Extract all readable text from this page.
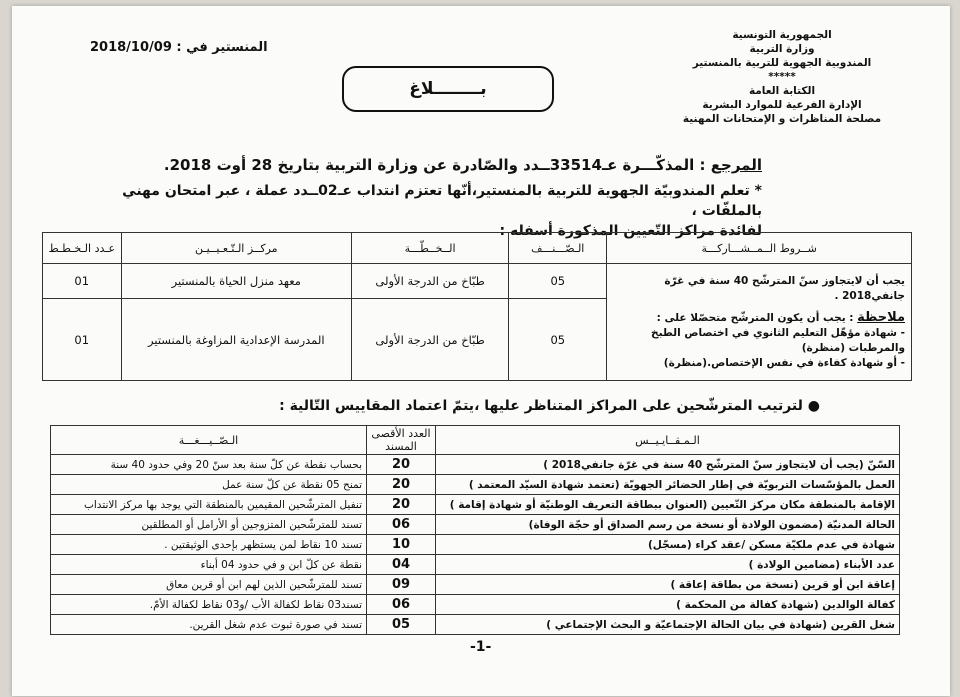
الجمهورية التونسية
وزارة التربية
المندوبية الجهوية للتربية بالمنستير
*****
الكتابة العامة
الإدارة الفرعية للموارد البشرية
مصلحة المناظرات و الإمتحانات المهنية
المنستير في : 2018/10/09
بــــــــلاغ
المرجع : المذكّـــرة عـ33514ــدد والصّادرة عن وزارة التربية بتاريخ 28 أوت 2018.
* تعلم المندوبيّة الجهوية للتربية بالمنستير،أنّها تعتزم انتداب عـ02ــدد عملة ، عبر امتحان مهني بالملفّات ،
لفائدة مراكز التّعيين المذكورة أسفله :
شــروط الــمــشـــاركـــة	الـصّـــنـــف	الــخــطّـــة	مركــز الـتّـعـيــيـن	عـدد الـخـطـط

يجب أن لايتجاوز سنّ المترشّح 40 سنة في غرّة جانفي2018 .
ملاحظة : يجب أن يكون المترشّح متحصّلا على :
- شهادة مؤهّل التعليم الثانوي في اختصاص الطبخ والمرطبات (منظرة)
- أو شهادة كفاءة في نفس الإختصاص.(منظرة)	05	طبّاخ من الدرجة الأولى	معهد منزل الحياة بالمنستير	01
	05	طبّاخ من الدرجة الأولى	المدرسة الإعدادية المزاوغة بالمنستير	01
● لترتيب المترشّحين على المراكز المتناظر عليها ،يتمّ اعتماد المقاييس التّالية :
الـمـقــايـيــس	العدد الأقصى المسند	الـصّــيـــغـــة
السّنّ (يجب أن لايتجاوز سنّ المترشّح 40 سنة في غرّة جانفي2018 )	20	بحساب نقطة عن كلّ سنة بعد سنّ 20 وفي حدود 40 سنة
العمل بالمؤسّسات التربويّة في إطار الحضائر الجهويّة (تعتمد شهادة السيّد المعتمد )	20	تمنح 05 نقطة عن كلّ سنة عمل
الإقامة بالمنطقة مكان مركز التّعيين (العنوان ببطاقة التعريف الوطنيّة أو شهادة إقامة )	20	تنفيل المترشّحين المقيمين بالمنطقة التي يوجد بها مركز الانتداب
الحالة المدنيّة (مضمون الولادة أو نسخة من رسم الصداق أو حجّة الوفاة)	06	تسند للمترشّحين المتزوجين أو الأرامل أو المطلقين
شهادة في عدم ملكيّة مسكن /عقد كراء (مسجّل)	10	تسند 10 نقاط لمن يستظهر بإحدى الوثيقتين .
عدد الأبناء (مضامين الولادة )	04	نقطة عن كلّ ابن و في حدود 04 أبناء
إعاقة ابن أو قرين (نسخة من بطاقة إعاقة )	09	تسند للمترشّحين الذين لهم ابن أو قرين معاق
كفالة الوالدين (شهادة كفالة من المحكمة )	06	تسند03 نقاط لكفالة الأب /و03 نقاط لكفالة الأمّ.
شغل القرين (شهادة في بيان الحالة الإجتماعيّة و البحث الإجتماعي )	05	تسند في صورة ثبوت عدم شغل القرين.
-1-
